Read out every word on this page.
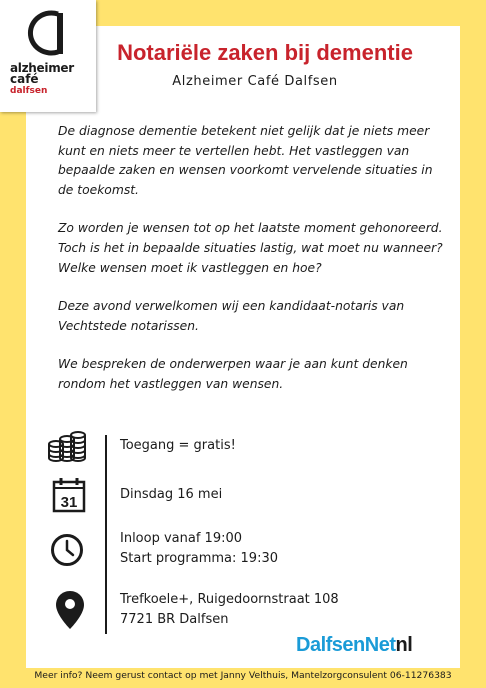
alzheimer
café
dalfsen
Notariële zaken bij dementie
Alzheimer Café Dalfsen

De diagnose dementie betekent niet gelijk dat je niets meer kunt en niets meer te vertellen hebt. Het vastleggen van bepaalde zaken en wensen voorkomt vervelende situaties in de toekomst.

Zo worden je wensen tot op het laatste moment gehonoreerd. Toch is het in bepaalde situaties lastig, wat moet nu wanneer? Welke wensen moet ik vastleggen en hoe?

Deze avond verwelkomen wij een kandidaat-notaris van Vechtstede notarissen.

We bespreken de onderwerpen waar je aan kunt denken rondom het vastleggen van wensen.

Toegang = gratis!
31	Dinsdag 16 mei
Inloop vanaf 19:00
Start programma: 19:30
Trefkoele+, Ruigedoornstraat 108
7721 BR Dalfsen
DalfsenNetnl
Meer info? Neem gerust contact op met Janny Velthuis, Mantelzorgconsulent 06-11276383
